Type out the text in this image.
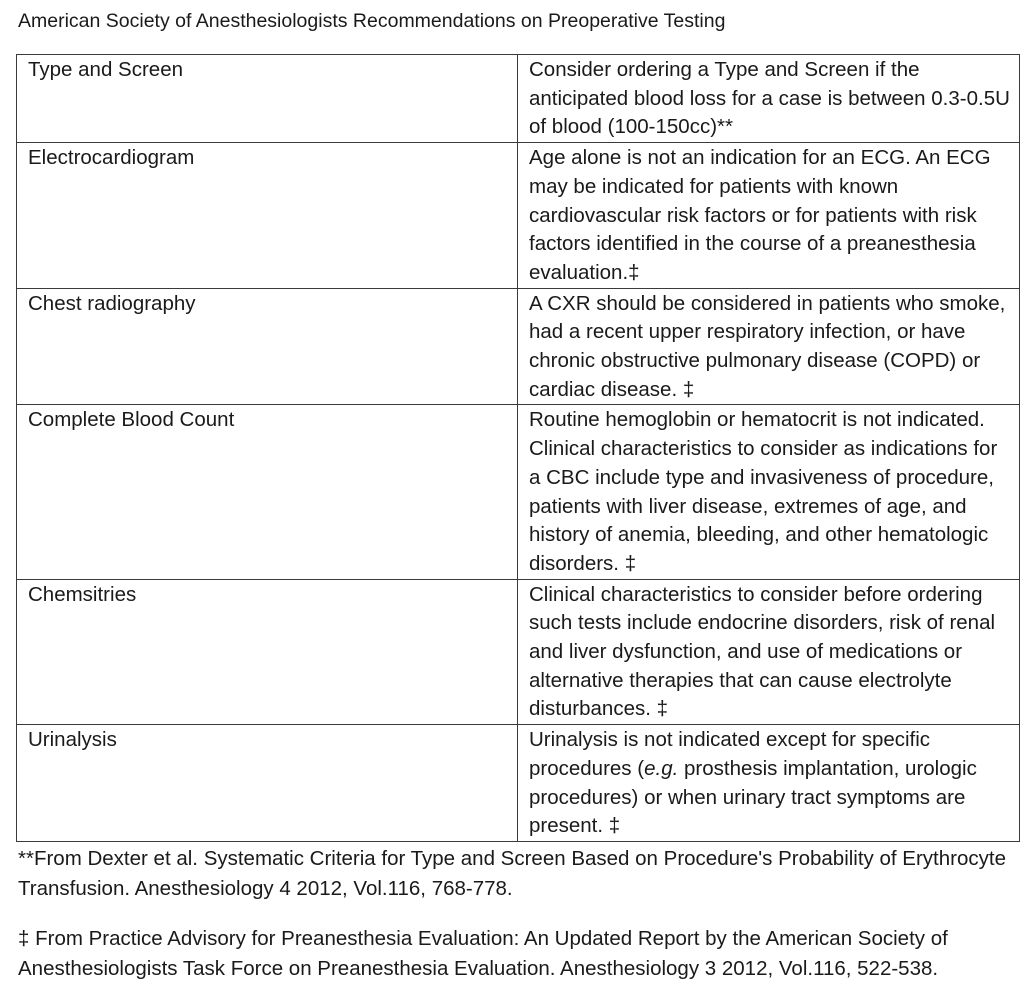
American Society of Anesthesiologists Recommendations on Preoperative Testing
Type and Screen	Consider ordering a Type and Screen if the anticipated blood loss for a case is between 0.3-0.5U of blood (100-150cc)**
Electrocardiogram	Age alone is not an indication for an ECG. An ECG may be indicated for patients with known cardiovascular risk factors or for patients with risk factors identified in the course of a preanesthesia evaluation.‡
Chest radiography	A CXR should be considered in patients who smoke, had a recent upper respiratory infection, or have chronic obstructive pulmonary disease (COPD) or cardiac disease. ‡
Complete Blood Count	Routine hemoglobin or hematocrit is not indicated. Clinical characteristics to consider as indications for a CBC include type and invasiveness of procedure, patients with liver disease, extremes of age, and history of anemia, bleeding, and other hematologic disorders. ‡
Chemsitries	Clinical characteristics to consider before ordering such tests include endocrine disorders, risk of renal and liver dysfunction, and use of medications or alternative therapies that can cause electrolyte disturbances. ‡
Urinalysis	Urinalysis is not indicated except for specific procedures (e.g. prosthesis implantation, urologic procedures) or when urinary tract symptoms are present. ‡
**From Dexter et al. Systematic Criteria for Type and Screen Based on Procedure's Probability of Erythrocyte Transfusion. Anesthesiology 4 2012, Vol.116, 768-778.
‡ From Practice Advisory for Preanesthesia Evaluation: An Updated Report by the American Society of Anesthesiologists Task Force on Preanesthesia Evaluation. Anesthesiology 3 2012, Vol.116, 522-538.
